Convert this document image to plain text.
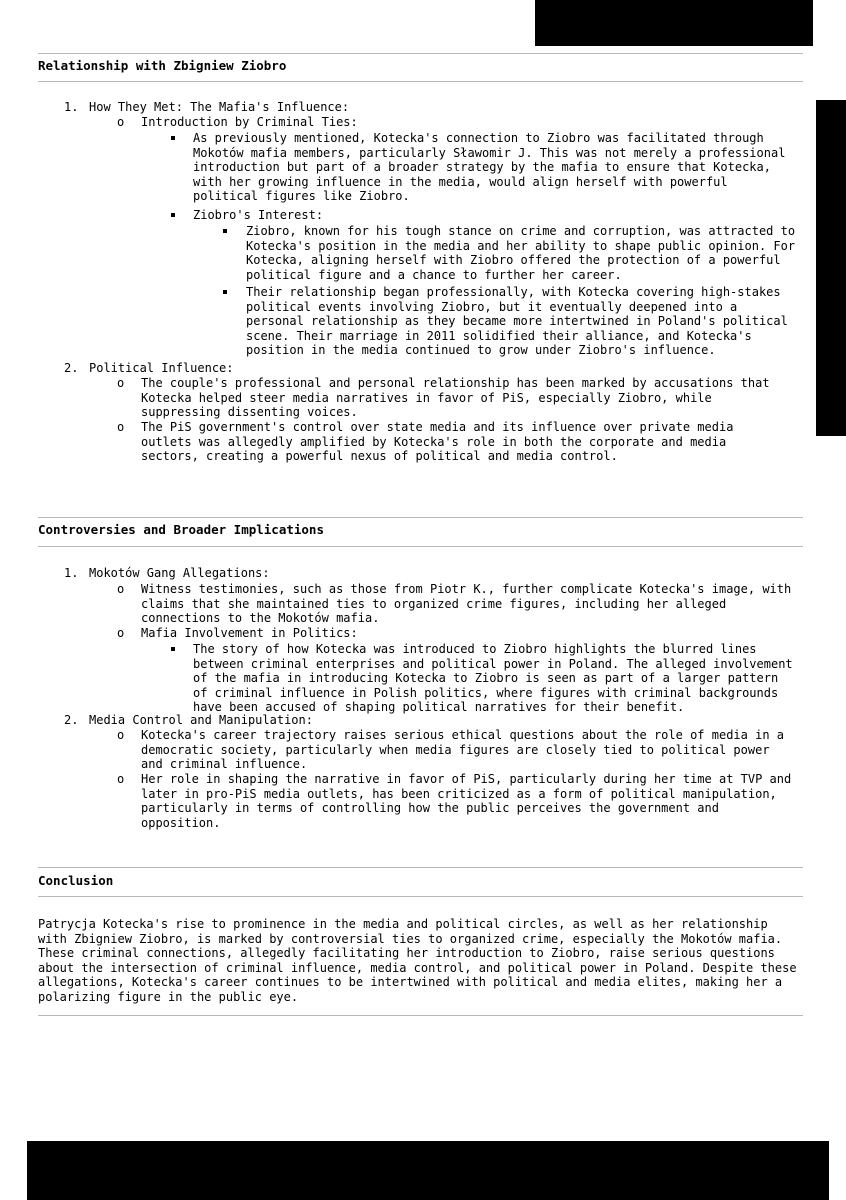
Relationship with Zbigniew Ziobro
1. How They Met: The Mafia's Influence:
o Introduction by Criminal Ties:
As previously mentioned, Kotecka's connection to Ziobro was facilitated through Mokotów mafia members, particularly Sławomir J. This was not merely a professional introduction but part of a broader strategy by the mafia to ensure that Kotecka, with her growing influence in the media, would align herself with powerful political figures like Ziobro.
Ziobro's Interest:
Ziobro, known for his tough stance on crime and corruption, was attracted to Kotecka's position in the media and her ability to shape public opinion. For Kotecka, aligning herself with Ziobro offered the protection of a powerful political figure and a chance to further her career.
Their relationship began professionally, with Kotecka covering high-stakes political events involving Ziobro, but it eventually deepened into a personal relationship as they became more intertwined in Poland's political scene. Their marriage in 2011 solidified their alliance, and Kotecka's position in the media continued to grow under Ziobro's influence.
2. Political Influence:
o The couple's professional and personal relationship has been marked by accusations that Kotecka helped steer media narratives in favor of PiS, especially Ziobro, while suppressing dissenting voices.
o The PiS government's control over state media and its influence over private media outlets was allegedly amplified by Kotecka's role in both the corporate and media sectors, creating a powerful nexus of political and media control.
Controversies and Broader Implications
1. Mokotów Gang Allegations:
o Witness testimonies, such as those from Piotr K., further complicate Kotecka's image, with claims that she maintained ties to organized crime figures, including her alleged connections to the Mokotów mafia.
o Mafia Involvement in Politics:
The story of how Kotecka was introduced to Ziobro highlights the blurred lines between criminal enterprises and political power in Poland. The alleged involvement of the mafia in introducing Kotecka to Ziobro is seen as part of a larger pattern of criminal influence in Polish politics, where figures with criminal backgrounds have been accused of shaping political narratives for their benefit.
2. Media Control and Manipulation:
o Kotecka's career trajectory raises serious ethical questions about the role of media in a democratic society, particularly when media figures are closely tied to political power and criminal influence.
o Her role in shaping the narrative in favor of PiS, particularly during her time at TVP and later in pro-PiS media outlets, has been criticized as a form of political manipulation, particularly in terms of controlling how the public perceives the government and opposition.
Conclusion
Patrycja Kotecka's rise to prominence in the media and political circles, as well as her relationship with Zbigniew Ziobro, is marked by controversial ties to organized crime, especially the Mokotów mafia. These criminal connections, allegedly facilitating her introduction to Ziobro, raise serious questions about the intersection of criminal influence, media control, and political power in Poland. Despite these allegations, Kotecka's career continues to be intertwined with political and media elites, making her a polarizing figure in the public eye.
